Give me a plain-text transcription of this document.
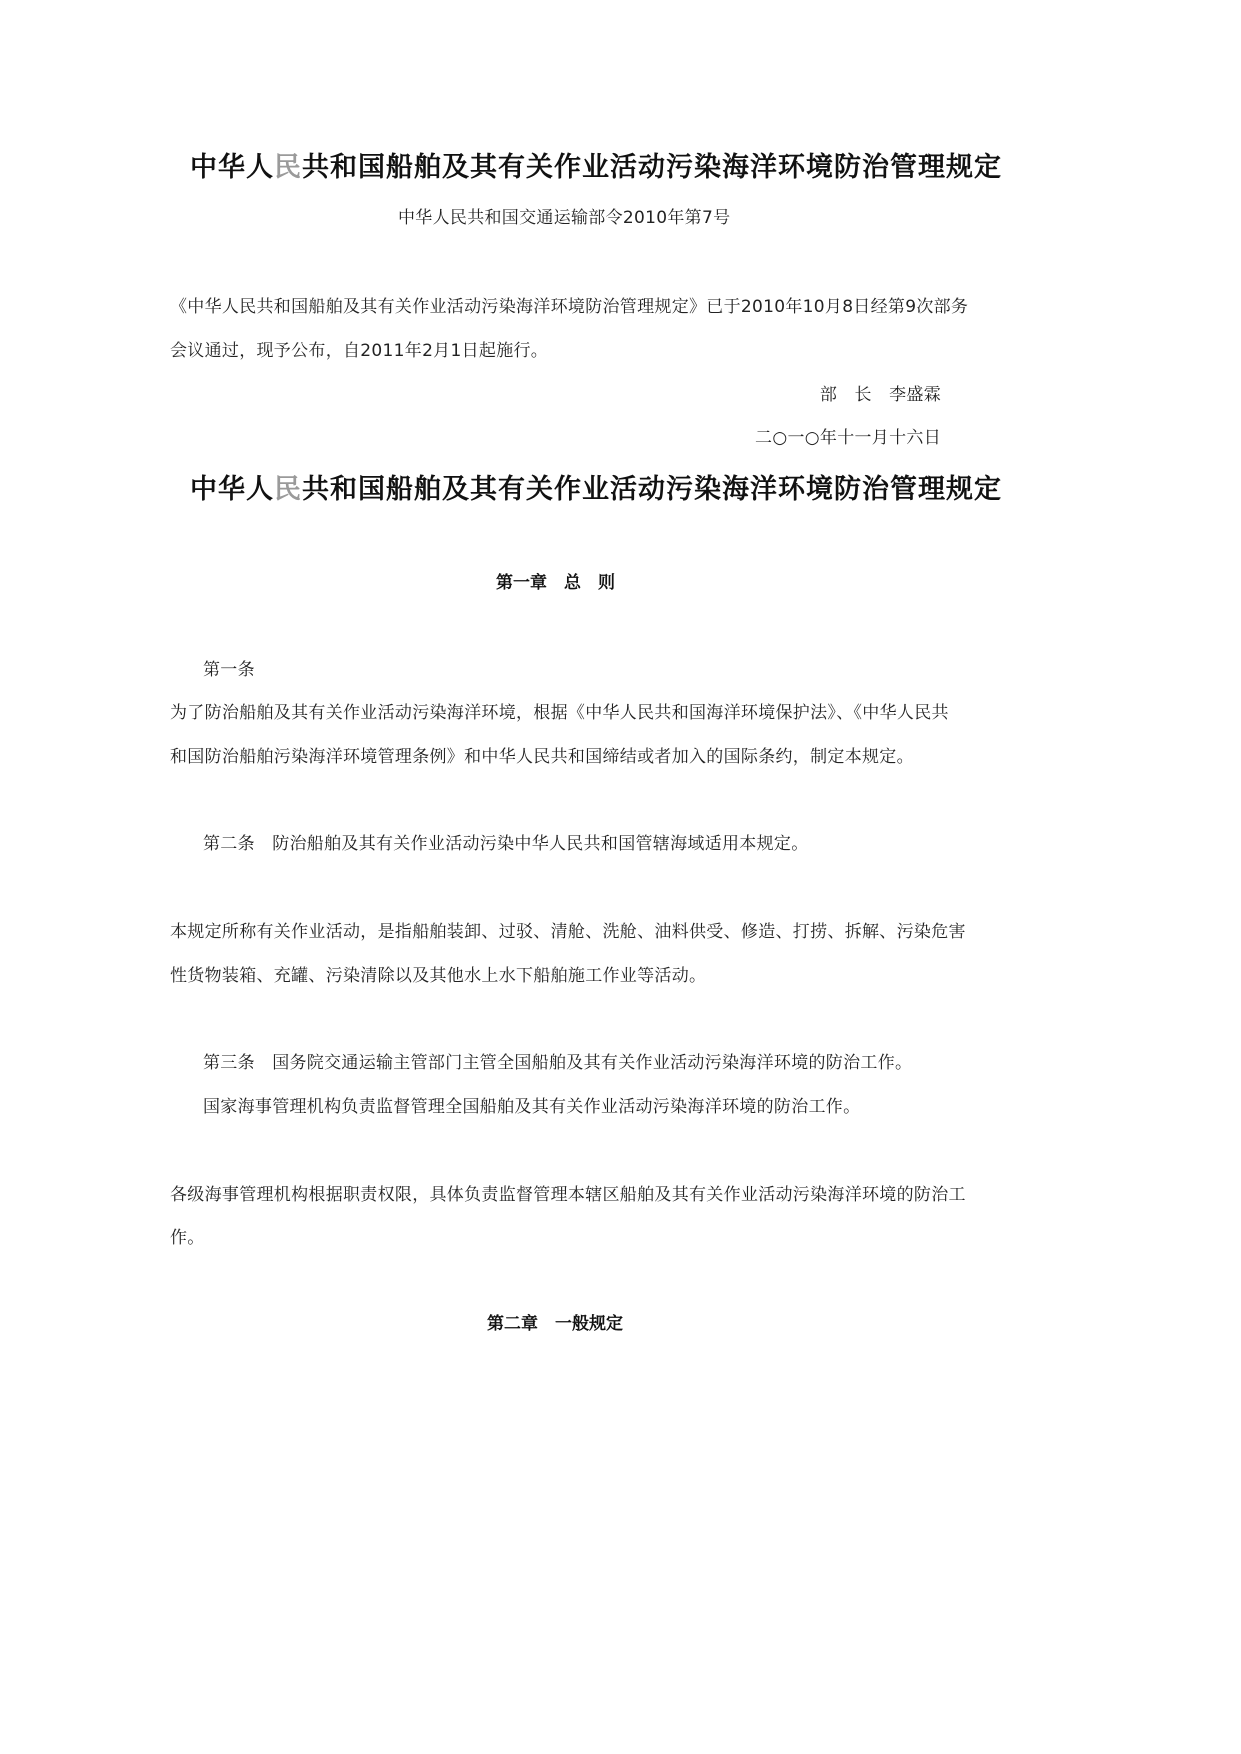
中华人民共和国船舶及其有关作业活动污染海洋环境防治管理规定
中华人民共和国交通运输部令2010年第7号
《中华人民共和国船舶及其有关作业活动污染海洋环境防治管理规定》已于2010年10月8日经第9次部务
会议通过，现予公布，自2011年2月1日起施行。
部　长　李盛霖
二○一○年十一月十六日
中华人民共和国船舶及其有关作业活动污染海洋环境防治管理规定
第一章　总　则
第一条
为了防治船舶及其有关作业活动污染海洋环境，根据《中华人民共和国海洋环境保护法》、《中华人民共
和国防治船舶污染海洋环境管理条例》和中华人民共和国缔结或者加入的国际条约，制定本规定。
第二条　防治船舶及其有关作业活动污染中华人民共和国管辖海域适用本规定。
本规定所称有关作业活动，是指船舶装卸、过驳、清舱、洗舱、油料供受、修造、打捞、拆解、污染危害
性货物装箱、充罐、污染清除以及其他水上水下船舶施工作业等活动。
第三条　国务院交通运输主管部门主管全国船舶及其有关作业活动污染海洋环境的防治工作。
国家海事管理机构负责监督管理全国船舶及其有关作业活动污染海洋环境的防治工作。
各级海事管理机构根据职责权限，具体负责监督管理本辖区船舶及其有关作业活动污染海洋环境的防治工
作。
第二章　一般规定
